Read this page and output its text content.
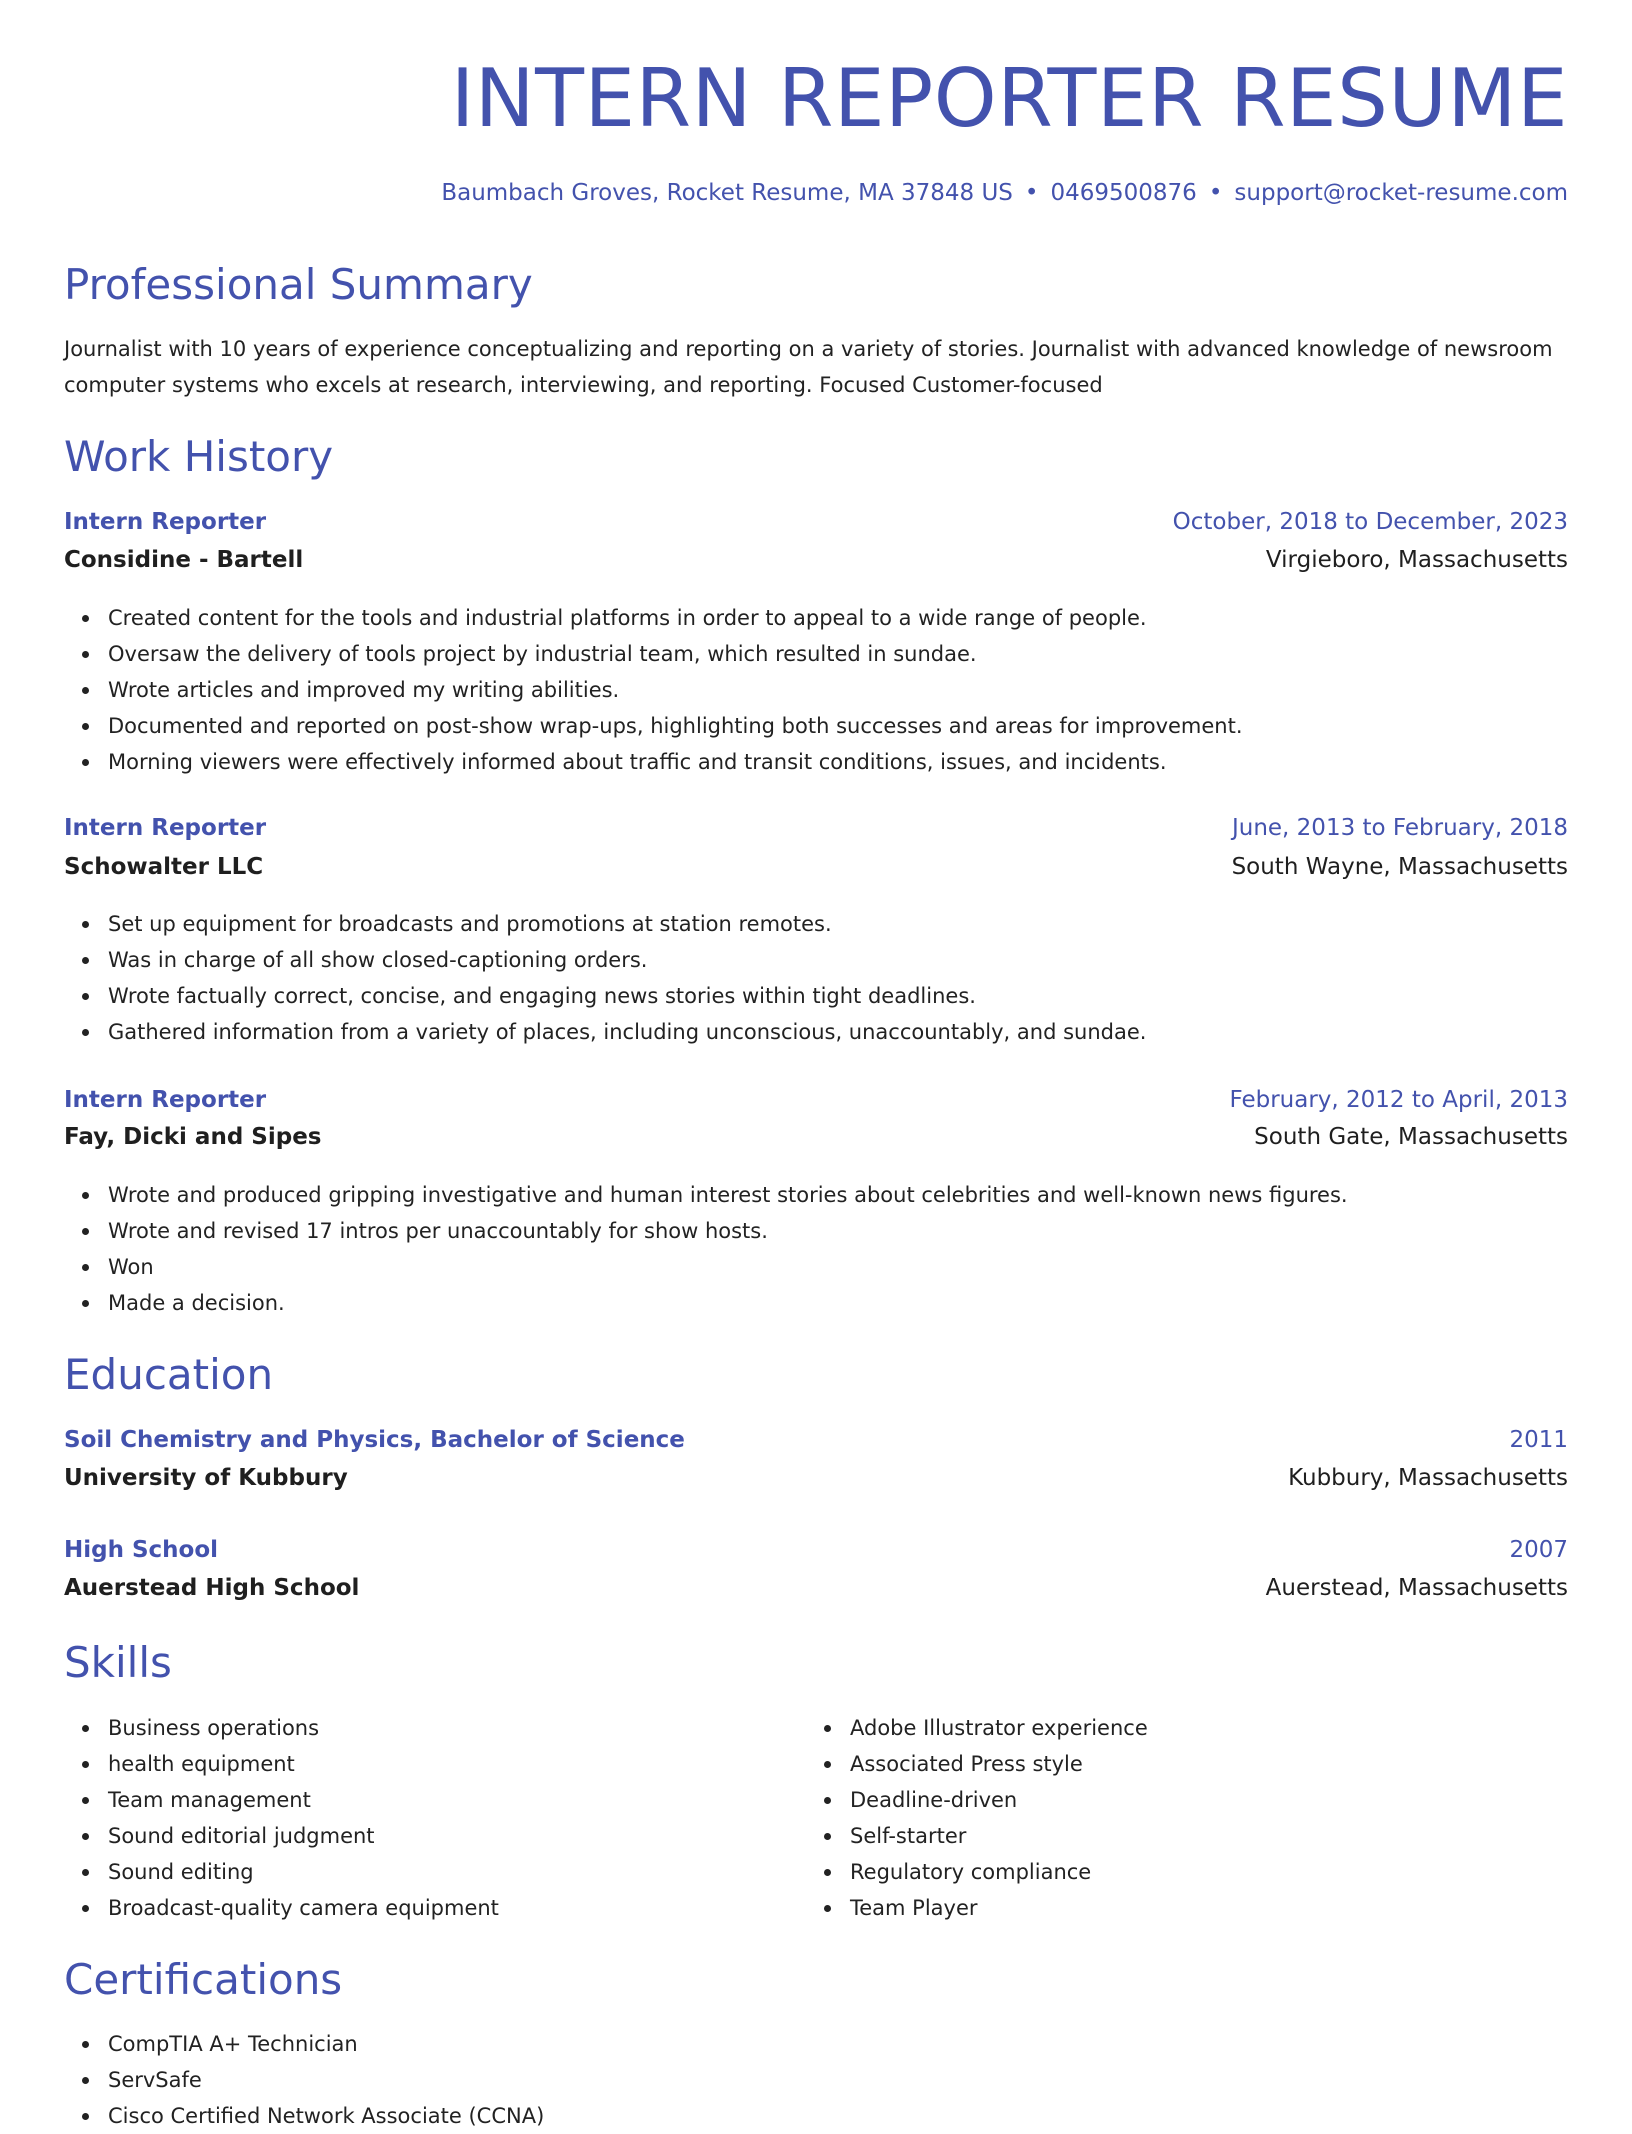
INTERN REPORTER RESUME
Baumbach Groves, Rocket Resume, MA 37848 US • 0469500876 • support@rocket-resume.com
Professional Summary

Journalist with 10 years of experience conceptualizing and reporting on a variety of stories. Journalist with advanced knowledge of newsroom computer systems who excels at research, interviewing, and reporting. Focused Customer-focused

Work History
Intern Reporter	October, 2018 to December, 2023
Considine - Bartell	Virgieboro, Massachusetts
Created content for the tools and industrial platforms in order to appeal to a wide range of people.
Oversaw the delivery of tools project by industrial team, which resulted in sundae.
Wrote articles and improved my writing abilities.
Documented and reported on post-show wrap-ups, highlighting both successes and areas for improvement.
Morning viewers were effectively informed about traffic and transit conditions, issues, and incidents.
Intern Reporter	June, 2013 to February, 2018
Schowalter LLC	South Wayne, Massachusetts
Set up equipment for broadcasts and promotions at station remotes.
Was in charge of all show closed-captioning orders.
Wrote factually correct, concise, and engaging news stories within tight deadlines.
Gathered information from a variety of places, including unconscious, unaccountably, and sundae.
Intern Reporter	February, 2012 to April, 2013
Fay, Dicki and Sipes	South Gate, Massachusetts
Wrote and produced gripping investigative and human interest stories about celebrities and well-known news figures.
Wrote and revised 17 intros per unaccountably for show hosts.
Won
Made a decision.
Education
Soil Chemistry and Physics, Bachelor of Science	2011
University of Kubbury	Kubbury, Massachusetts
High School	2007
Auerstead High School	Auerstead, Massachusetts
Skills
Business operations
health equipment
Team management
Sound editorial judgment
Sound editing
Broadcast-quality camera equipment
Adobe Illustrator experience
Associated Press style
Deadline-driven
Self-starter
Regulatory compliance
Team Player
Certifications
CompTIA A+ Technician
ServSafe
Cisco Certified Network Associate (CCNA)
